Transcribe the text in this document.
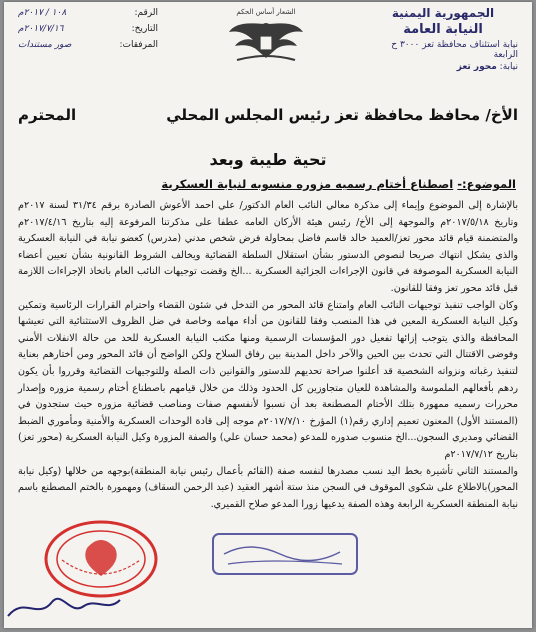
الجمهورية اليمنية
النيابة العامة
نيابة استئناف محافظة تعز ٣٠٠٠ ح الرابعة
نيابة: محور تعز
الشعار أساس الحكم
الرقم:
١٠٨ / ٢٠١٧م
التاريخ:
٢٠١٧/٧/١٦م
المرفقات:
صور مستندات
الأخ/ محافظ محافظة تعز رئيس المجلس المحلي
المحترم
تحية طيبة وبعد
الموضوع:- اصطناع أختام رسميه مزوره منسوبه لنيابة العسكرية

بالإشارة إلى الموضوع وإيماء إلى مذكرة معالي النائب العام الدكتور/ علي احمد الأعوش الصادرة برقم ٣١/٣٤ لسنة ٢٠١٧م وتاريخ ٢٠١٧/٥/١٨م والموجهة إلى الأخ/ رئيس هيئة الأركان العامه عطفا على مذكرتنا المرفوعة إليه بتاريخ ٢٠١٧/٤/١٦م والمتضمنة قيام قائد محور تعز/العميد خالد قاسم فاضل بمحاولة فرض شخص مدني (مدرس) كعضو نيابة في النيابة العسكرية والذي يشكل انتهاك صريحا لنصوص الدستور بشأن استقلال السلطة القضائية ويخالف الشروط القانونية بشأن تعيين أعضاء النيابة العسكرية الموصوفة في قانون الإجراءات الجزائية العسكرية ...الخ وقضت توجيهات النائب العام باتخاذ الإجراءات اللازمة قبل قائد محور تعز وفقا للقانون.

وكان الواجب تنفيذ توجيهات النائب العام وامتناع قائد المحور من التدخل في شئون القضاء واحترام القرارات الرئاسية وتمكين وكيل النيابة العسكرية المعين في هذا المنصب وفقا للقانون من أداء مهامه وخاصة في ضل الظروف الاستثنائية التي تعيشها المحافظة والذي يتوجب إزائها تفعيل دور المؤسسات الرسمية ومنها مكتب النيابة العسكرية للحد من حالة الانفلات الأمني وفوضى الاقتتال التي تحدث بين الحين والآخر داخل المدينة بين رفاق السلاح ولكن الواضح أن قائد المحور ومن أختارهم بعناية لتنفيذ رغباته ونزواته الشخصية قد أعلنوا صراحة تحديهم للدستور والقوانين ذات الصلة وللتوجيهات القضائية وقرروا بأن يكون ردهم بأفعالهم الملموسة والمشاهدة للعيان متجاوزين كل الحدود وذلك من خلال قيامهم باصطناع أختام رسمية مزوره وإصدار محررات رسميه ممهورة بتلك الأختام المصطنعة بعد أن نسبوا لأنفسهم صفات ومناصب قضائية مزوره حيث ستجدون في (المستند الأول) المعنون تعميم إداري رقم(١) المؤرخ ٢٠١٧/٧/١٠م موجه إلى قادة الوحدات العسكرية والأمنية ومأموري الضبط القضائي ومديري السجون...الخ منسوب صدوره للمدعو (محمد حسان علي) والصفة المزورة وكيل النيابة العسكرية (محور تعز) بتاريخ ٢٠١٧/٧/١٢م

والمستند الثاني تأشيرة بخط اليد نسب مصدرها لنفسه صفة (القائم بأعمال رئيس نيابة المنطقة)بوجهه من خلالها (وكيل نيابة المحور)بالاطلاع على شكوى الموقوف في السجن منذ ستة أشهر العقيد (عبد الرحمن السقاف) ومهمورة بالختم المصطنع باسم نيابة المنطقة العسكرية الرابعة وهذه الصفة يدعيها زورا المدعو صلاح القميري.
